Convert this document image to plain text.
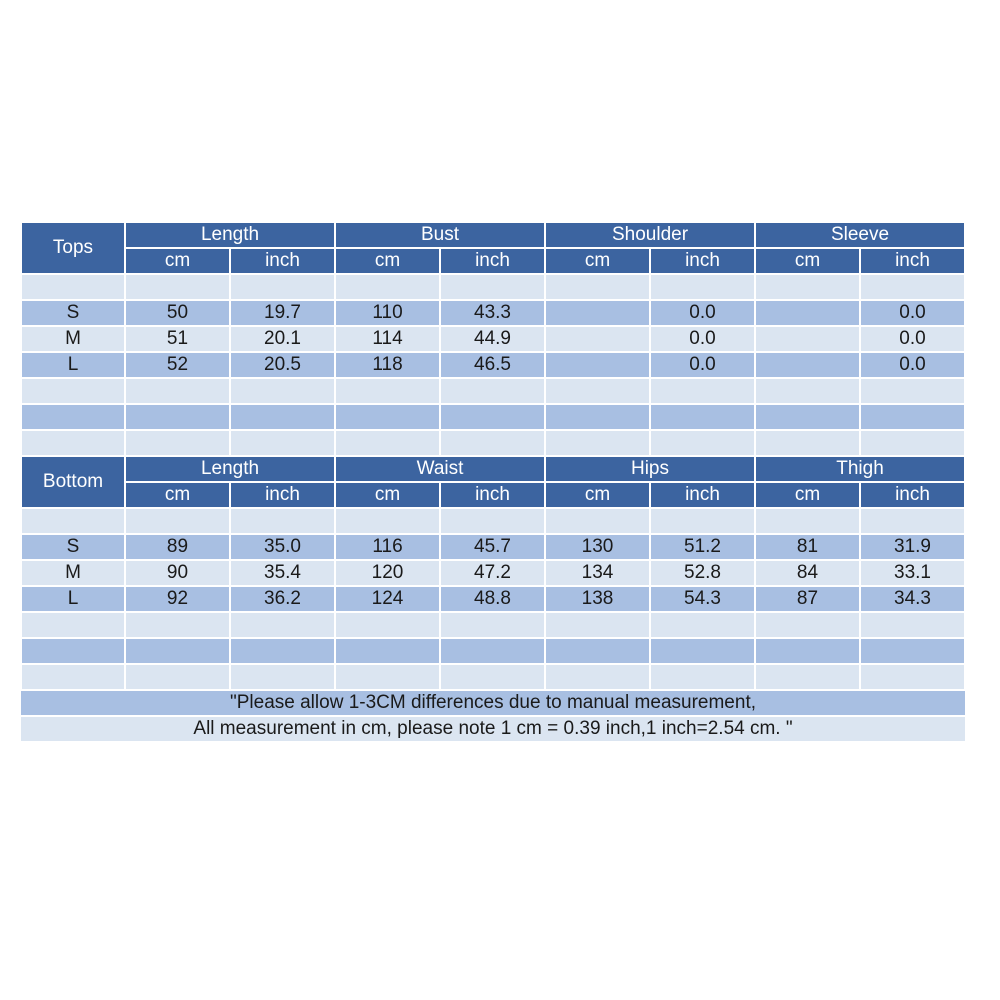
Tops	Length		Bust		Shoulder		Sleeve	
	cm	inch	cm	inch	cm	inch	cm	inch

S	50	19.7	110	43.3		0.0		0.0
M	51	20.1	114	44.9		0.0		0.0
L	52	20.5	118	46.5		0.0		0.0

Bottom	Length		Waist		Hips		Thigh	
	cm	inch	cm	inch	cm	inch	cm	inch

S	89	35.0	116	45.7	130	51.2	81	31.9
M	90	35.4	120	47.2	134	52.8	84	33.1
L	92	36.2	124	48.8	138	54.3	87	34.3

"Please allow 1-3CM differences due to manual measurement,								
All measurement in cm, please note 1 cm = 0.39 inch,1 inch=2.54 cm. "								
